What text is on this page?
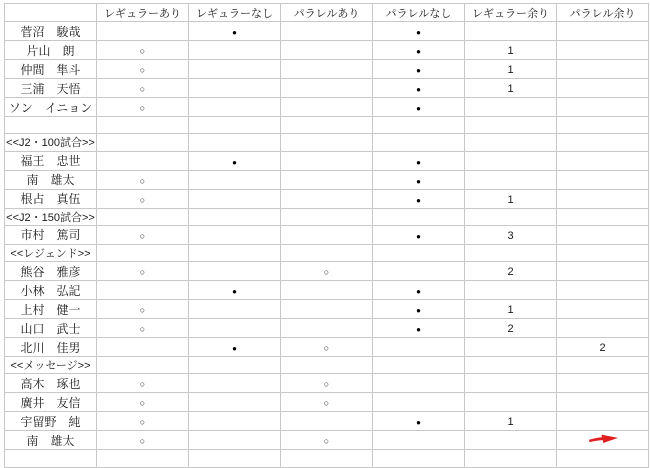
	レギュラーあり	レギュラーなし	パラレルあり	パラレルなし	レギュラー余り	パラレル余り
菅沼　駿哉		●		●		
片山　朗	○			●	1	
仲間　隼斗	○			●	1	
三浦　天悟	○			●	1	
ソン　イニョン	○			●		

<<J2・100試合>>						
福王　忠世		●		●		
南　雄太	○			●		
根占　真伍	○			●	1	
<<J2・150試合>>						
市村　篤司	○			●	3	
<<レジェンド>>						
熊谷　雅彦	○		○		2	
小林　弘記		●		●		
上村　健一	○			●	1	
山口　武士	○			●	2	
北川　佳男		●	○			2
<<メッセージ>>						
高木　琢也	○		○			
廣井　友信	○		○			
宇留野　純	○			●	1	
南　雄太	○		○			
